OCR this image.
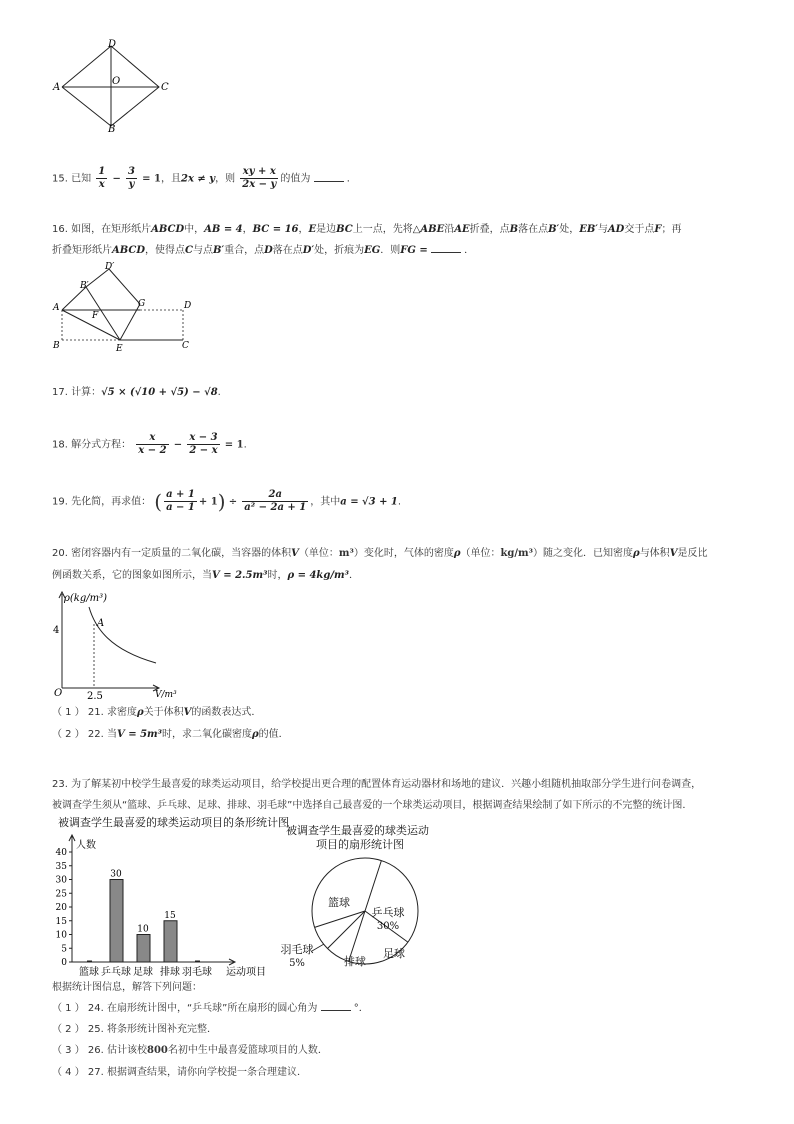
A
B
C
D
O
15. 已知 $\frac{1}{x} - \frac{3}{y} = 1$，且2x ≠ y，则 $\frac{xy + x}{2x - y}$ 的值为	．
16. 如图，在矩形纸片ABCD中，AB = 4，BC = 16，E是边BC上一点，先将△ABE沿AE折叠，点B落在点B′处，EB′与AD交于点F；再
折叠矩形纸片ABCD，使得点C与点B′重合，点D落在点D′处，折痕为EG．则FG =	．
D′
B′
G	D
A
F
B	E	C
17. 计算：√5 × (√10 + √5) − √8.
18. 解分式方程： $\frac{x}{x - 2} - \frac{x - 3}{2 - x} = 1$.
19. 先化简，再求值： ( $\frac{a + 1}{a - 1} + 1) \div \frac{2a}{\text{a² − 2a + 1}}$ ，其中a = √3 + 1.
20. 密闭容器内有一定质量的二氧化碳，当容器的体积V（单位：m³）变化时，气体的密度ρ（单位：kg/m³）随之变化．已知密度ρ与体积V是反比
例函数关系，它的图象如图所示，当V = 2.5m³时，ρ = 4kg/m³．
ρ(kg/m³)
V/m³
4
2.5
O
A
（ 1 ） 21. 求密度ρ关于体积V的函数表达式．
（ 2 ） 22. 当V = 5m³时，求二氧化碳密度ρ的值．
23. 为了解某初中校学生最喜爱的球类运动项目，给学校提出更合理的配置体育运动器材和场地的建议．兴趣小组随机抽取部分学生进行问卷调查，
被调查学生须从“篮球、乒乓球、足球、排球、羽毛球”中选择自己最喜爱的一个球类运动项目，根据调查结果绘制了如下所示的不完整的统计图．
被调查学生最喜爱的球类运动项目的条形统计图
人数
0
5
10
15
20
25
30
35
40
篮球
30
乒乓球
10
足球
15
排球 羽毛球 运动项目
被调查学生最喜爱的球类运动
项目的扇形统计图
篮球
乒乓球
30%
足球
排球
羽毛球
5%
根据统计图信息，解答下列问题：
（ 1 ） 24. 在扇形统计图中，“乒乓球”所在扇形的圆心角为	°．
（ 2 ） 25. 将条形统计图补充完整．
（ 3 ） 26. 估计该校800名初中生中最喜爱篮球项目的人数．
（ 4 ） 27. 根据调查结果，请你向学校提一条合理建议．
